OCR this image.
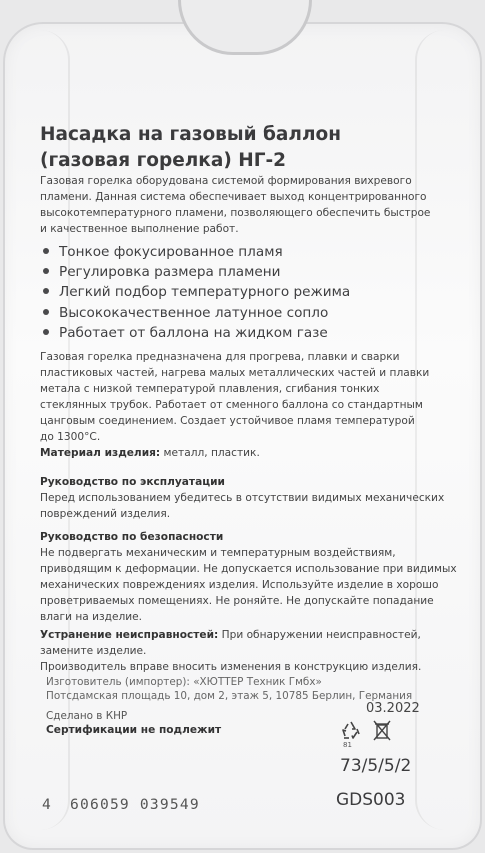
Насадка на газовый баллон
(газовая горелка) НГ-2
Газовая горелка оборудована системой формирования вихревого
пламени. Данная система обеспечивает выход концентрированного
высокотемпературного пламени, позволяющего обеспечить быстрое
и качественное выполнение работ.
Тонкое фокусированное пламя
Регулировка размера пламени
Легкий подбор температурного режима
Высококачественное латунное сопло
Работает от баллона на жидком газе
Газовая горелка предназначена для прогрева, плавки и сварки
пластиковых частей, нагрева малых металлических частей и плавки
метала с низкой температурой плавления, сгибания тонких
стеклянных трубок. Работает от сменного баллона со стандартным
цанговым соединением. Создает устойчивое пламя температурой
до 1300°С.
Материал изделия: металл, пластик.
Руководство по эксплуатации
Перед использованием убедитесь в отсутствии видимых механических
повреждений изделия.
Руководство по безопасности
Не подвергать механическим и температурным воздействиям,
приводящим к деформации. Не допускается использование при видимых
механических повреждениях изделия. Используйте изделие в хорошо
проветриваемых помещениях. Не роняйте. Не допускайте попадание
влаги на изделие.
Устранение неисправностей: При обнаружении неисправностей,
замените изделие.
Производитель вправе вносить изменения в конструкцию изделия.
Изготовитель (импортер): «ХЮТТЕР Техник Гмбх»
Потсдамская площадь 10, дом 2, этаж 5, 10785 Берлин, Германия
Сделано в КНР
Сертификации не подлежит
03.2022
81
73/5/5/2
GDS003
4 606059 039549
